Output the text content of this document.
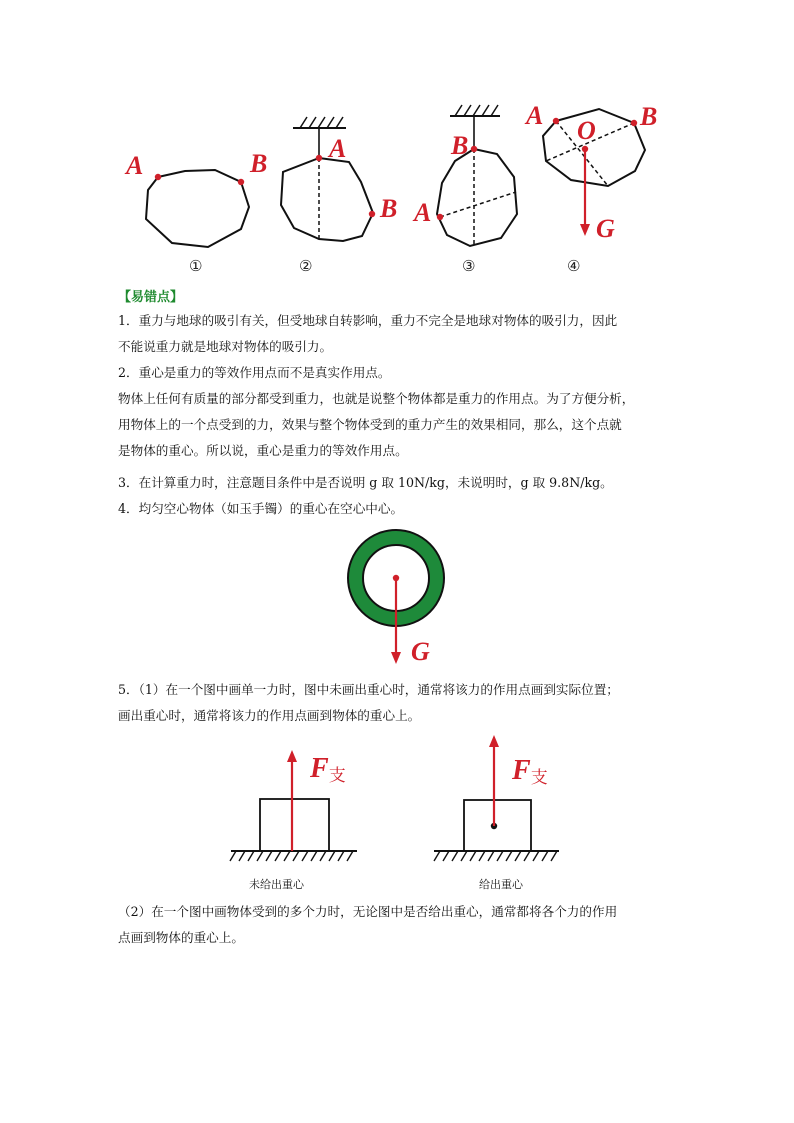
A	B
A
B A
B
A	B
O
G
①	②	③	④
【易错点】
1．重力与地球的吸引有关，但受地球自转影响，重力不完全是地球对物体的吸引力，因此
不能说重力就是地球对物体的吸引力。
2．重心是重力的等效作用点而不是真实作用点。
物体上任何有质量的部分都受到重力，也就是说整个物体都是重力的作用点。为了方便分析，
用物体上的一个点受到的力，效果与整个物体受到的重力产生的效果相同，那么，这个点就
是物体的重心。所以说，重心是重力的等效作用点。
3．在计算重力时，注意题目条件中是否说明 g 取 10N/kg，未说明时，g 取 9.8N/kg。
4．均匀空心物体（如玉手镯）的重心在空心中心。
G
5．（1）在一个图中画单一力时，图中未画出重心时，通常将该力的作用点画到实际位置；
画出重心时，通常将该力的作用点画到物体的重心上。
F支
未给出重心
F支
给出重心
（2）在一个图中画物体受到的多个力时，无论图中是否给出重心，通常都将各个力的作用
点画到物体的重心上。
